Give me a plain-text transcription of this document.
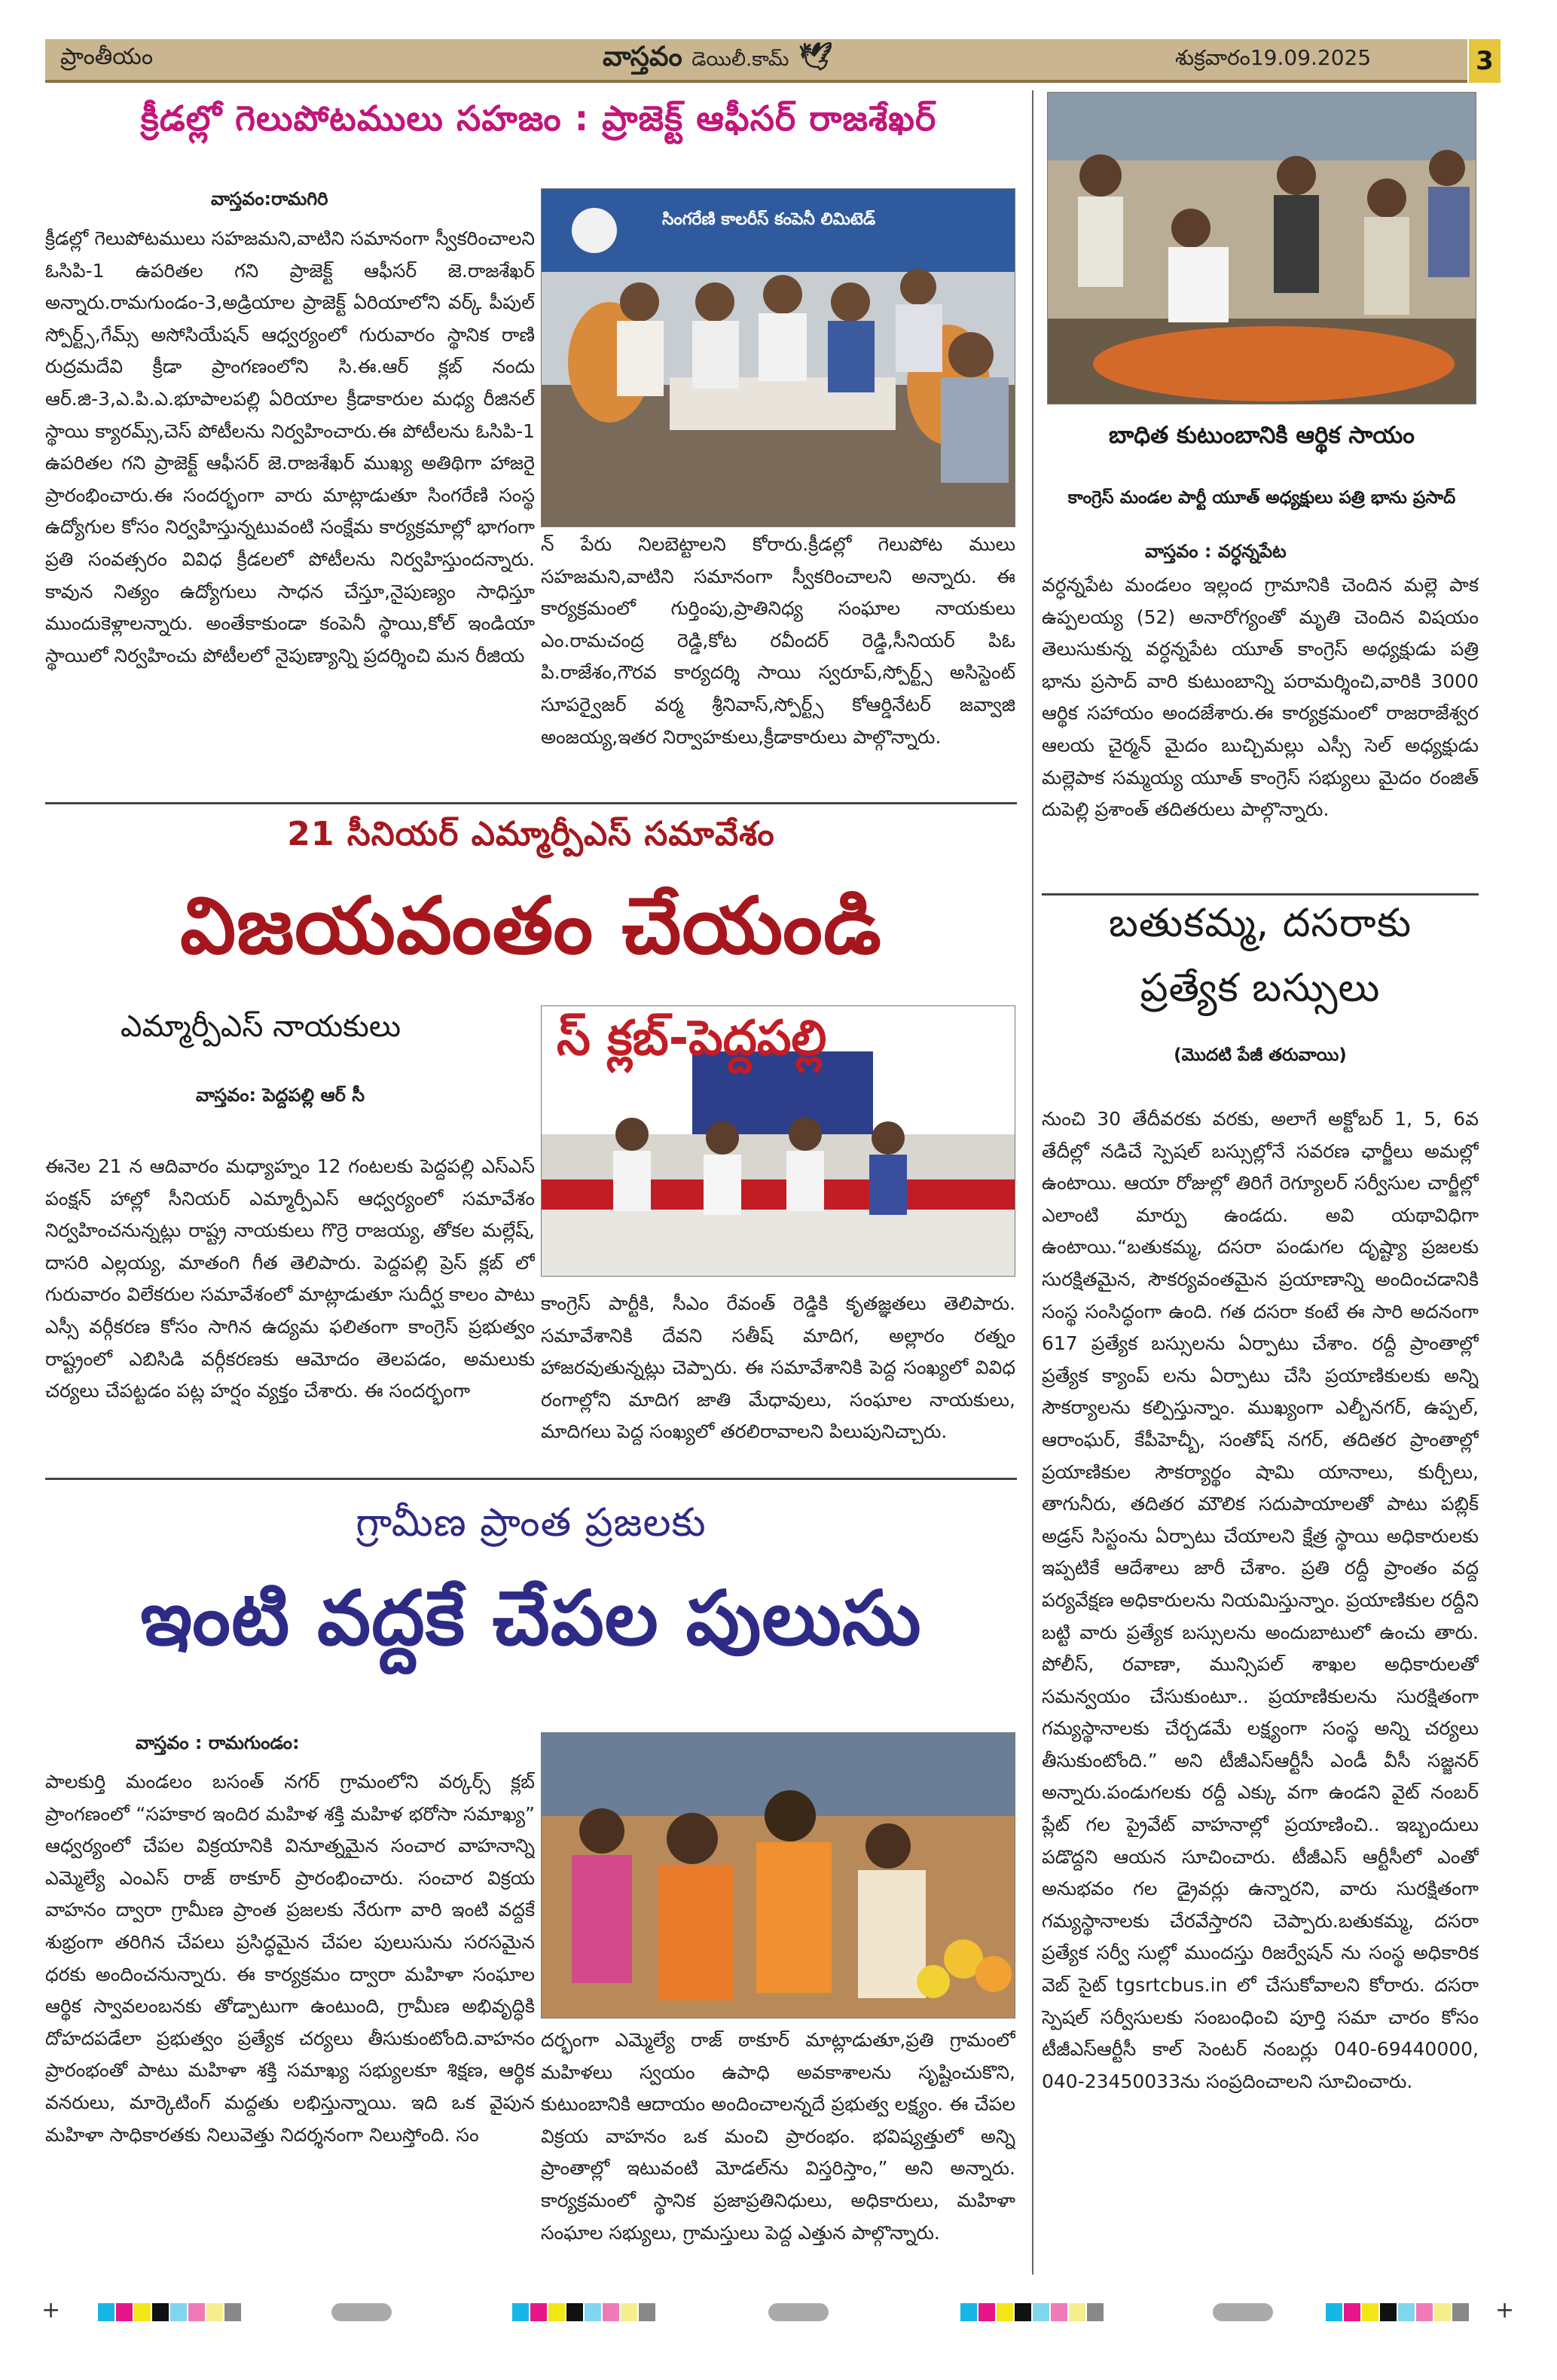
ప్రాంతీయం	వాస్తవం డెయిలీ.కామ్ 🕊	శుక్రవారం19.09.2025	3
క్రీడల్లో గెలుపోటములు సహజం : ప్రాజెక్ట్ ఆఫీసర్ రాజశేఖర్
వాస్తవం:రామగిరి
క్రీడల్లో గెలుపోటములు సహజమని,వాటిని సమానంగా స్వీకరించాలని ఓసిపి-1 ఉపరితల గని ప్రాజెక్ట్ ఆఫీసర్ జె.రాజశేఖర్ అన్నారు.రామగుండం-3,అడ్రియాల ప్రాజెక్ట్ ఏరియాలోని వర్క్ పీపుల్ స్పోర్ట్స్,గేమ్స్ అసోసియేషన్ ఆధ్వర్యంలో గురువారం స్థానిక రాణి రుద్రమదేవి క్రీడా ప్రాంగణంలోని సి.ఈ.ఆర్ క్లబ్ నందు ఆర్.జి-3,ఎ.పి.ఎ.భూపాలపల్లి ఏరియాల క్రీడాకారుల మధ్య రీజినల్ స్థాయి క్యారమ్స్,చెస్ పోటీలను నిర్వహించారు.ఈ పోటీలను ఓసిపి-1 ఉపరితల గని ప్రాజెక్ట్ ఆఫీసర్ జె.రాజశేఖర్ ముఖ్య అతిథిగా హాజరై ప్రారంభించారు.ఈ సందర్భంగా వారు మాట్లాడుతూ సింగరేణి సంస్థ ఉద్యోగుల కోసం నిర్వహిస్తున్నటువంటి సంక్షేమ కార్యక్రమాల్లో భాగంగా ప్రతి సంవత్సరం వివిధ క్రీడలలో పోటీలను నిర్వహిస్తుందన్నారు. కావున నిత్యం ఉద్యోగులు సాధన చేస్తూ,నైపుణ్యం సాధిస్తూ ముందుకెళ్లాలన్నారు. అంతేకాకుండా కంపెనీ స్థాయి,కోల్ ఇండియా స్థాయిలో నిర్వహించు పోటీలలో నైపుణ్యాన్ని ప్రదర్శించి మన రీజియ
సింగరేణి కాలరీస్ కంపెనీ లిమిటెడ్
న్ పేరు నిలబెట్టాలని కోరారు.క్రీడల్లో గెలుపోట ములు సహజమని,వాటిని సమానంగా స్వీకరించాలని అన్నారు. ఈ కార్యక్రమంలో గుర్తింపు,ప్రాతినిధ్య సంఘాల నాయకులు ఎం.రామచంద్ర రెడ్డి,కోట రవీందర్ రెడ్డి,సీనియర్ పిఓ పి.రాజేశం,గౌరవ కార్యదర్శి సాయి స్వరూప్,స్పోర్ట్స్ అసిస్టెంట్ సూపర్వైజర్ వర్మ శ్రీనివాస్,స్పోర్ట్స్ కోఆర్డినేటర్ జవ్వాజి అంజయ్య,ఇతర నిర్వాహకులు,క్రీడాకారులు పాల్గొన్నారు.
బాధిత కుటుంబానికి ఆర్థిక సాయం
కాంగ్రెస్ మండల పార్టీ యూత్ అధ్యక్షులు పత్రి భాను ప్రసాద్
వాస్తవం : వర్ధన్నపేట
వర్ధన్నపేట మండలం ఇల్లంద గ్రామానికి చెందిన మల్లె పాక ఉప్పలయ్య (52) అనారోగ్యంతో మృతి చెందిన విషయం తెలుసుకున్న వర్ధన్నపేట యూత్ కాంగ్రెస్ అధ్యక్షుడు పత్రి భాను ప్రసాద్ వారి కుటుంబాన్ని పరామర్శించి,వారికి 3000 ఆర్థిక సహాయం అందజేశారు.ఈ కార్యక్రమంలో రాజరాజేశ్వర ఆలయ చైర్మన్ మైదం బుచ్చిమల్లు ఎస్సీ సెల్ అధ్యక్షుడు మల్లెపాక సమ్మయ్య యూత్ కాంగ్రెస్ సభ్యులు మైదం రంజిత్ దుపెల్లి ప్రశాంత్ తదితరులు పాల్గొన్నారు.
21 సీనియర్ ఎమ్మార్పీఎస్ సమావేశం
విజయవంతం చేయండి
ఎమ్మార్పీఎస్ నాయకులు
వాస్తవం: పెద్దపల్లి ఆర్ సీ
ఈనెల 21 న ఆదివారం మధ్యాహ్నం 12 గంటలకు పెద్దపల్లి ఎస్ఎస్ పంక్షన్ హాల్లో సీనియర్ ఎమ్మార్పీఎస్ ఆధ్వర్యంలో సమావేశం నిర్వహించనున్నట్లు రాష్ట్ర నాయకులు గొర్రె రాజయ్య, తోకల మల్లేష్, దాసరి ఎల్లయ్య, మాతంగి గీత తెలిపారు. పెద్దపల్లి ప్రెస్ క్లబ్ లో గురువారం విలేకరుల సమావేశంలో మాట్లాడుతూ సుదీర్ఘ కాలం పాటు ఎస్సీ వర్గీకరణ కోసం సాగిన ఉద్యమ ఫలితంగా కాంగ్రెస్ ప్రభుత్వం రాష్ట్రంలో ఎబిసిడి వర్గీకరణకు ఆమోదం తెలపడం, అమలుకు చర్యలు చేపట్టడం పట్ల హర్షం వ్యక్తం చేశారు. ఈ సందర్భంగా
స్ క్లబ్-పెద్దపల్లి
కాంగ్రెస్ పార్టీకి, సీఎం రేవంత్ రెడ్డికి కృతజ్ఞతలు తెలిపారు. సమావేశానికి దేవని సతీష్ మాదిగ, అల్లారం రత్నం హాజరవుతున్నట్లు చెప్పారు. ఈ సమావేశానికి పెద్ద సంఖ్యలో వివిధ రంగాల్లోని మాదిగ జాతి మేధావులు, సంఘాల నాయకులు, మాదిగలు పెద్ద సంఖ్యలో తరలిరావాలని పిలుపునిచ్చారు.
బతుకమ్మ, దసరాకు
ప్రత్యేక బస్సులు
(మొదటి పేజీ తరువాయి)
నుంచి 30 తేదీవరకు వరకు, అలాగే అక్టోబర్ 1, 5, 6వ తేదీల్లో నడిచే స్పెషల్ బస్సుల్లోనే సవరణ ఛార్జీలు అమల్లో ఉంటాయి. ఆయా రోజుల్లో తిరిగే రెగ్యూలర్ సర్వీసుల చార్జీల్లో ఎలాంటి మార్పు ఉండదు. అవి యథావిధిగా ఉంటాయి.“బతుకమ్మ, దసరా పండుగల దృష్ట్యా ప్రజలకు సురక్షితమైన, సౌకర్యవంతమైన ప్రయాణాన్ని అందించడానికి సంస్థ సంసిద్ధంగా ఉంది. గత దసరా కంటే ఈ సారి అదనంగా 617 ప్రత్యేక బస్సులను ఏర్పాటు చేశాం. రద్దీ ప్రాంతాల్లో ప్రత్యేక క్యాంప్ లను ఏర్పాటు చేసి ప్రయాణికులకు అన్ని సౌకర్యాలను కల్పిస్తున్నాం. ముఖ్యంగా ఎల్బీనగర్, ఉప్పల్, ఆరాంఘర్, కేపీహెచ్బీ, సంతోష్ నగర్, తదితర ప్రాంతాల్లో ప్రయాణికుల సౌకర్యార్థం షామి యానాలు, కుర్చీలు, తాగునీరు, తదితర మౌలిక సదుపాయాలతో పాటు పబ్లిక్ అడ్రస్ సిస్టంను ఏర్పాటు చేయాలని క్షేత్ర స్థాయి అధికారులకు ఇప్పటికే ఆదేశాలు జారీ చేశాం. ప్రతి రద్దీ ప్రాంతం వద్ద పర్యవేక్షణ అధికారులను నియమిస్తున్నాం. ప్రయాణికుల రద్దీని బట్టి వారు ప్రత్యేక బస్సులను అందుబాటులో ఉంచు తారు. పోలీస్, రవాణా, మున్సిపల్ శాఖల అధికారులతో సమన్వయం చేసుకుంటూ.. ప్రయాణికులను సురక్షితంగా గమ్యస్థానాలకు చేర్చడమే లక్ష్యంగా సంస్థ అన్ని చర్యలు తీసుకుంటోంది.” అని టీజీఎస్ఆర్టీసీ ఎండీ వీసీ సజ్జనర్ అన్నారు.పండుగలకు రద్దీ ఎక్కు వగా ఉండని వైట్ నంబర్ ప్లేట్ గల ప్రైవేట్ వాహనాల్లో ప్రయాణించి.. ఇబ్బందులు పడొద్దని ఆయన సూచించారు. టీజీఎస్ ఆర్టీసీలో ఎంతో అనుభవం గల డ్రైవర్లు ఉన్నారని, వారు సురక్షితంగా గమ్యస్థానాలకు చేరవేస్తారని చెప్పారు.బతుకమ్మ, దసరా ప్రత్యేక సర్వీ సుల్లో ముందస్తు రిజర్వేషన్ ను సంస్థ అధికారిక వెబ్ సైట్ tgsrtcbus.in లో చేసుకోవాలని కోరారు. దసరా స్పెషల్ సర్వీసులకు సంబంధించి పూర్తి సమా చారం కోసం టీజీఎస్ఆర్టీసీ కాల్ సెంటర్ నంబర్లు 040-69440000, 040-23450033ను సంప్రదించాలని సూచించారు.
గ్రామీణ ప్రాంత ప్రజలకు
ఇంటి వద్దకే చేపల పులుసు
వాస్తవం : రామగుండం:
పాలకుర్తి మండలం బసంత్ నగర్ గ్రామంలోని వర్కర్స్ క్లబ్ ప్రాంగణంలో “సహకార ఇందిర మహిళ శక్తి మహిళ భరోసా సమాఖ్య” ఆధ్వర్యంలో చేపల విక్రయానికి వినూత్నమైన సంచార వాహనాన్ని ఎమ్మెల్యే ఎంఎస్ రాజ్ ఠాకూర్ ప్రారంభించారు. సంచార విక్రయ వాహనం ద్వారా గ్రామీణ ప్రాంత ప్రజలకు నేరుగా వారి ఇంటి వద్దకే శుభ్రంగా తరిగిన చేపలు ప్రసిద్ధమైన చేపల పులుసును సరసమైన ధరకు అందించనున్నారు. ఈ కార్యక్రమం ద్వారా మహిళా సంఘాల ఆర్థిక స్వావలంబనకు తోడ్పాటుగా ఉంటుంది, గ్రామీణ అభివృద్ధికి దోహదపడేలా ప్రభుత్వం ప్రత్యేక చర్యలు తీసుకుంటోంది.వాహనం ప్రారంభంతో పాటు మహిళా శక్తి సమాఖ్య సభ్యులకూ శిక్షణ, ఆర్థిక వనరులు, మార్కెటింగ్ మద్దతు లభిస్తున్నాయి. ఇది ఒక వైపున మహిళా సాధికారతకు నిలువెత్తు నిదర్శనంగా నిలుస్తోంది. సం
దర్భంగా ఎమ్మెల్యే రాజ్ ఠాకూర్ మాట్లాడుతూ,ప్రతి గ్రామంలో మహిళలు స్వయం ఉపాధి అవకాశాలను సృష్టించుకొని, కుటుంబానికి ఆదాయం అందించాలన్నదే ప్రభుత్వ లక్ష్యం. ఈ చేపల విక్రయ వాహనం ఒక మంచి ప్రారంభం. భవిష్యత్తులో అన్ని ప్రాంతాల్లో ఇటువంటి మోడల్‌ను విస్తరిస్తాం,” అని అన్నారు. కార్యక్రమంలో స్థానిక ప్రజాప్రతినిధులు, అధికారులు, మహిళా సంఘాల సభ్యులు, గ్రామస్తులు పెద్ద ఎత్తున పాల్గొన్నారు.
+	+
